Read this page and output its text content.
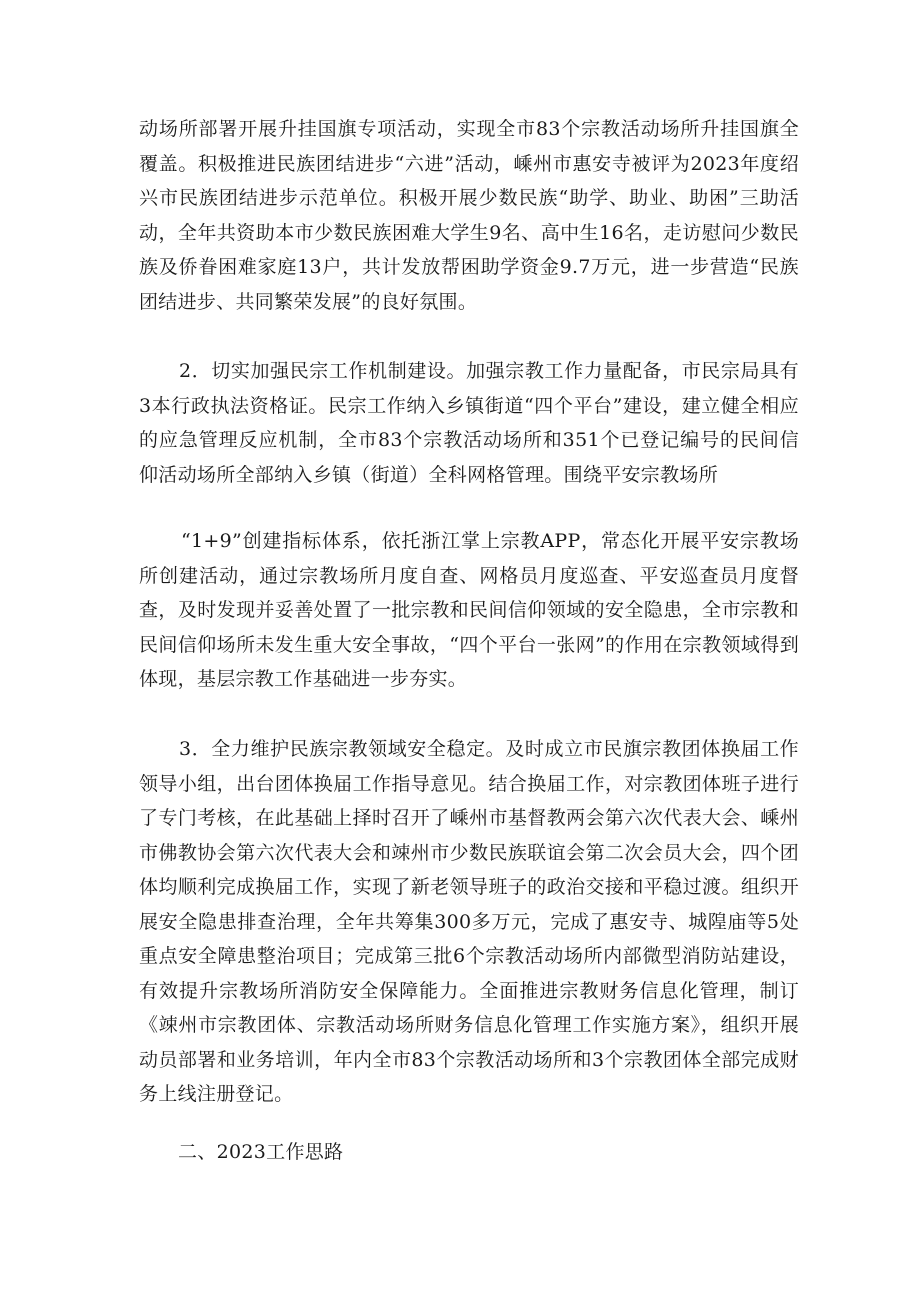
动场所部署开展升挂国旗专项活动，实现全市83个宗教活动场所升挂国旗全覆盖。积极推进民族团结进步“六进”活动，嵊州市惠安寺被评为2023年度绍兴市民族团结进步示范单位。积极开展少数民族“助学、助业、助困”三助活动，全年共资助本市少数民族困难大学生9名、高中生16名，走访慰问少数民族及侨眷困难家庭13户，共计发放帮困助学资金9.7万元，进一步营造“民族团结进步、共同繁荣发展”的良好氛围。

2．切实加强民宗工作机制建设。加强宗教工作力量配备，市民宗局具有3本行政执法资格证。民宗工作纳入乡镇街道“四个平台”建设，建立健全相应的应急管理反应机制，全市83个宗教活动场所和351个已登记编号的民间信仰活动场所全部纳入乡镇（街道）全科网格管理。围绕平安宗教场所

“1+9”创建指标体系，依托浙江掌上宗教APP，常态化开展平安宗教场所创建活动，通过宗教场所月度自查、网格员月度巡查、平安巡查员月度督查，及时发现并妥善处置了一批宗教和民间信仰领域的安全隐患，全市宗教和民间信仰场所未发生重大安全事故，“四个平台一张网”的作用在宗教领域得到体现，基层宗教工作基础进一步夯实。

3．全力维护民族宗教领域安全稳定。及时成立市民旗宗教团体换届工作领导小组，出台团体换届工作指导意见。结合换届工作，对宗教团体班子进行了专门考核，在此基础上择时召开了嵊州市基督教两会第六次代表大会、嵊州市佛教协会第六次代表大会和竦州市少数民族联谊会第二次会员大会，四个团体均顺利完成换届工作，实现了新老领导班子的政治交接和平稳过渡。组织开展安全隐患排查治理，全年共筹集300多万元，完成了惠安寺、城隍庙等5处重点安全障患整治项目；完成第三批6个宗教活动场所内部微型消防站建设，有效提升宗教场所消防安全保障能力。全面推进宗教财务信息化管理，制订《竦州市宗教团体、宗教活动场所财务信息化管理工作实施方案》，组织开展动员部署和业务培训，年内全市83个宗教活动场所和3个宗教团体全部完成财务上线注册登记。

二、2023工作思路
